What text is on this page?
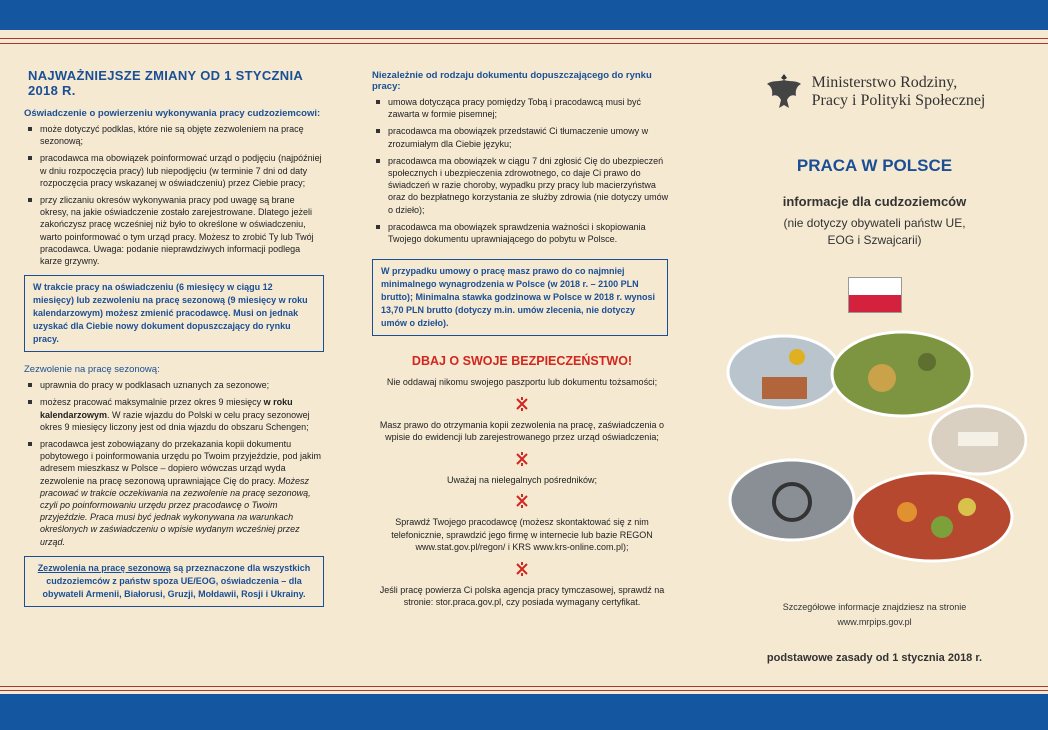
NAJWAŻNIEJSZE ZMIANY OD 1 STYCZNIA 2018 R.
Oświadczenie o powierzeniu wykonywania pracy cudzoziemcowi:
może dotyczyć podklas, które nie są objęte zezwoleniem na pracę sezonową;
pracodawca ma obowiązek poinformować urząd o podjęciu (najpóźniej w dniu rozpoczęcia pracy) lub niepodjęciu (w terminie 7 dni od daty rozpoczęcia pracy wskazanej w oświadczeniu) przez Ciebie pracy;
przy zliczaniu okresów wykonywania pracy pod uwagę są brane okresy, na jakie oświadczenie zostało zarejestrowane. Dlatego jeżeli zakończysz pracę wcześniej niż było to określone w oświadczeniu, warto poinformować o tym urząd pracy. Możesz to zrobić Ty lub Twój pracodawca. Uwaga: podanie nieprawdziwych informacji podlega karze grzywny.
W trakcie pracy na oświadczeniu (6 miesięcy w ciągu 12 miesięcy) lub zezwoleniu na pracę sezonową (9 miesięcy w roku kalendarzowym) możesz zmienić pracodawcę. Musi on jednak uzyskać dla Ciebie nowy dokument dopuszczający do rynku pracy.
Zezwolenie na pracę sezonową:
uprawnia do pracy w podklasach uznanych za sezonowe;
możesz pracować maksymalnie przez okres 9 miesięcy w roku kalendarzowym. W razie wjazdu do Polski w celu pracy sezonowej okres 9 miesięcy liczony jest od dnia wjazdu do obszaru Schengen;
pracodawca jest zobowiązany do przekazania kopii dokumentu pobytowego i poinformowania urzędu po Twoim przyjeździe, pod jakim adresem mieszkasz w Polsce – dopiero wówczas urząd wyda zezwolenie na pracę sezonową uprawniające Cię do pracy. Możesz pracować w trakcie oczekiwania na zezwolenie na pracę sezonową, czyli po poinformowaniu urzędu przez pracodawcę o Twoim przyjeździe. Praca musi być jednak wykonywana na warunkach określonych w zaświadczeniu o wpisie wydanym wcześniej przez urząd.
Zezwolenia na pracę sezonową są przeznaczone dla wszystkich cudzoziemców z państw spoza UE/EOG, oświadczenia – dla obywateli Armenii, Białorusi, Gruzji, Mołdawii, Rosji i Ukrainy.
Niezależnie od rodzaju dokumentu dopuszczającego do rynku pracy:
umowa dotycząca pracy pomiędzy Tobą i pracodawcą musi być zawarta w formie pisemnej;
pracodawca ma obowiązek przedstawić Ci tłumaczenie umowy w zrozumiałym dla Ciebie języku;
pracodawca ma obowiązek w ciągu 7 dni zgłosić Cię do ubezpieczeń społecznych i ubezpieczenia zdrowotnego, co daje Ci prawo do świadczeń w razie choroby, wypadku przy pracy lub macierzyństwa oraz do bezpłatnego korzystania ze służby zdrowia (nie dotyczy umów o dzieło);
pracodawca ma obowiązek sprawdzenia ważności i skopiowania Twojego dokumentu uprawniającego do pobytu w Polsce.
W przypadku umowy o pracę masz prawo do co najmniej minimalnego wynagrodzenia w Polsce (w 2018 r. – 2100 PLN brutto); Minimalna stawka godzinowa w Polsce w 2018 r. wynosi 13,70 PLN brutto (dotyczy m.in. umów zlecenia, nie dotyczy umów o dzieło).
DBAJ O SWOJE BEZPIECZEŃSTWO!

Nie oddawaj nikomu swojego paszportu lub dokumentu tożsamości;

Masz prawo do otrzymania kopii zezwolenia na pracę, zaświadczenia o wpisie do ewidencji lub zarejestrowanego przez urząd oświadczenia;

Uważaj na nielegalnych pośredników;

Sprawdź Twojego pracodawcę (możesz skontaktować się z nim telefonicznie, sprawdzić jego firmę w internecie lub bazie REGON www.stat.gov.pl/regon/ i KRS www.krs-online.com.pl);

Jeśli pracę powierza Ci polska agencja pracy tymczasowej, sprawdź na stronie: stor.praca.gov.pl, czy posiada wymagany certyfikat.

Ministerstwo Rodziny,
Pracy i Polityki Społecznej
PRACA W POLSCE
informacje dla cudzoziemców
(nie dotyczy obywateli państw UE,
EOG i Szwajcarii)
Szczegółowe informacje znajdziesz na stronie
www.mrpips.gov.pl
podstawowe zasady od 1 stycznia 2018 r.
